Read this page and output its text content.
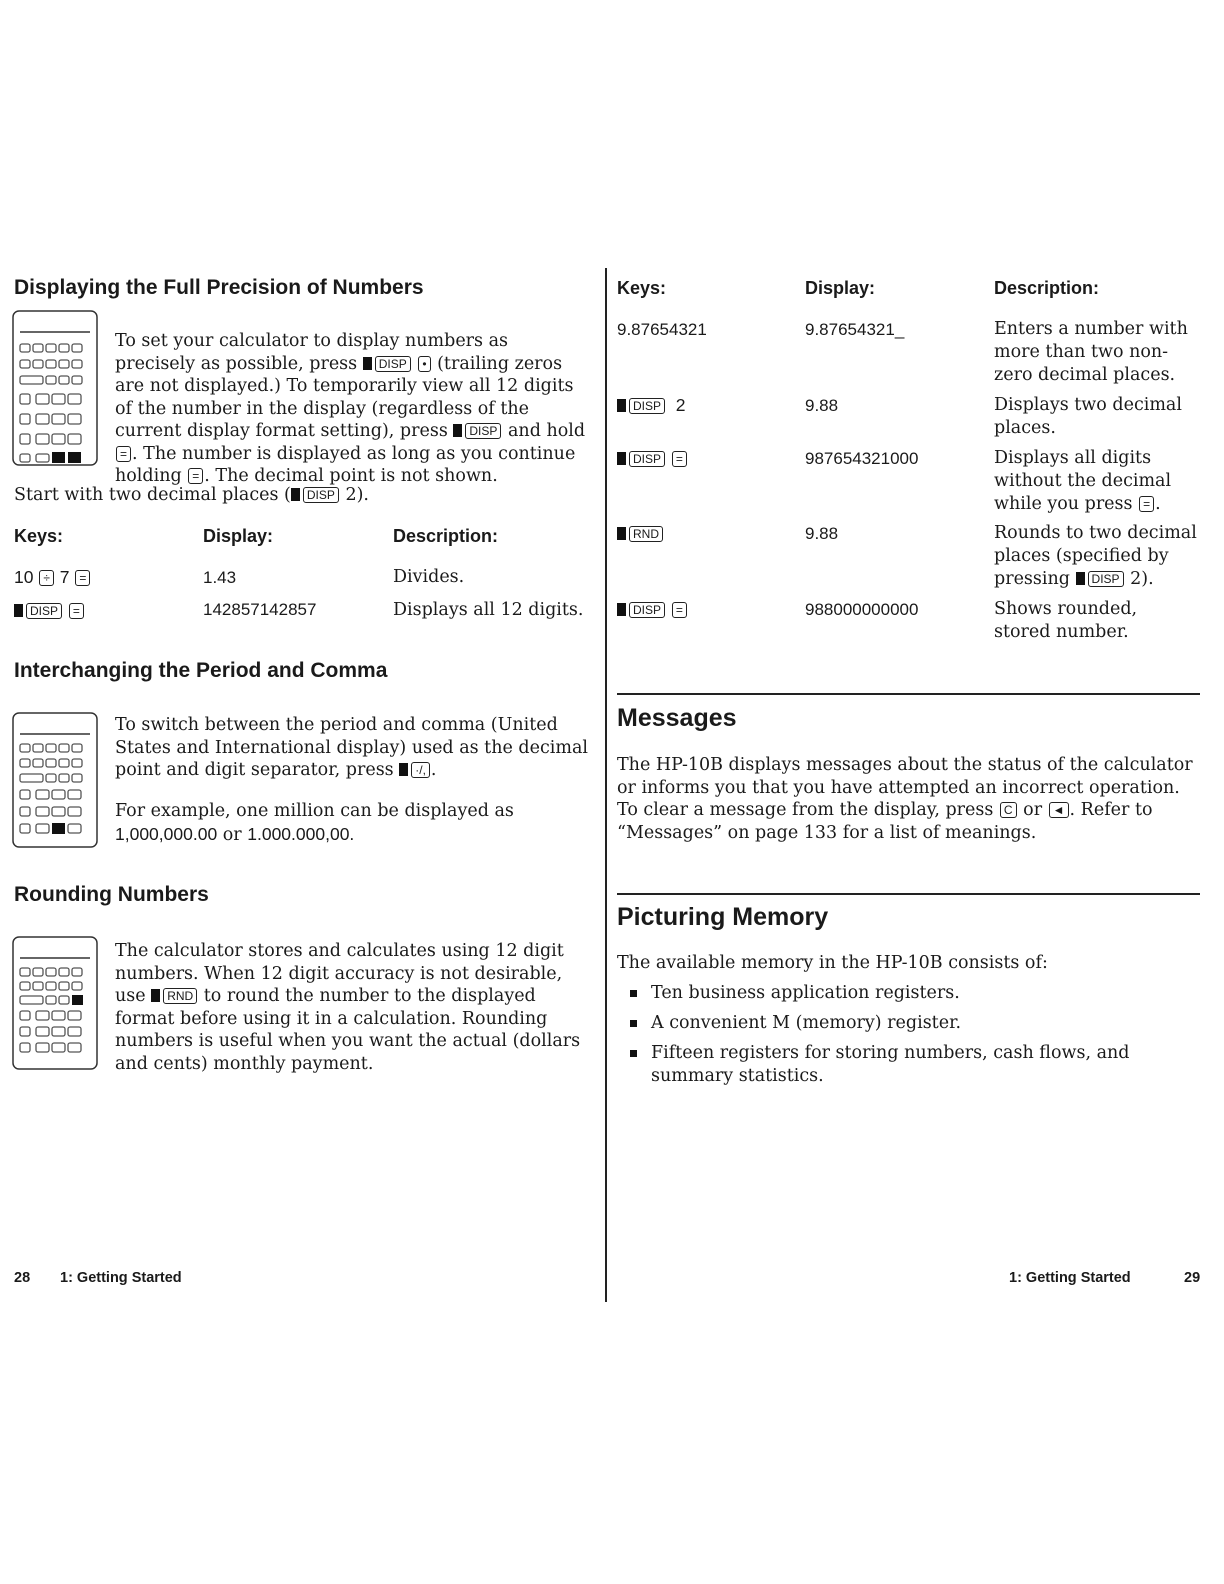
Displaying the Full Precision of Numbers

To set your calculator to display numbers as precisely as possible, press DISP • (trailing zeros are not displayed.) To temporarily view all 12 digits of the number in the display (regardless of the current display format setting), press DISP and hold = . The number is displayed as long as you continue holding = . The decimal point is not shown.

Start with two decimal places ( DISP 2).

Keys:	Display:	Description:
10 ÷ 7 =	1.43	Divides.
DISP =	142857142857	Displays all 12 digits.
Interchanging the Period and Comma

To switch between the period and comma (United States and International display) used as the decimal point and digit separator, press ·/, .

For example, one million can be displayed as 1,000,000.00 or 1.000.000,00.

Rounding Numbers

The calculator stores and calculates using 12 digit numbers. When 12 digit accuracy is not desirable, use RND to round the number to the displayed format before using it in a calculation. Rounding numbers is useful when you want the actual (dollars and cents) monthly payment.

28 1: Getting Started
Keys:	Display:	Description:
9.87654321	9.87654321_	Enters a number with more than two non-zero decimal places.
DISP 2	9.88	Displays two decimal places.
DISP =	987654321000	Displays all digits without the decimal while you press = .
RND	9.88	Rounds to two decimal places (specified by pressing DISP 2).
DISP =	988000000000	Shows rounded, stored number.
Messages

The HP-10B displays messages about the status of the calculator or informs you that you have attempted an incorrect operation. To clear a message from the display, press C or ◄ . Refer to “Messages” on page 133 for a list of meanings.

Picturing Memory

The available memory in the HP-10B consists of:

Ten business application registers.
A convenient M (memory) register.
Fifteen registers for storing numbers, cash flows, and summary statistics.
1: Getting Started	29
